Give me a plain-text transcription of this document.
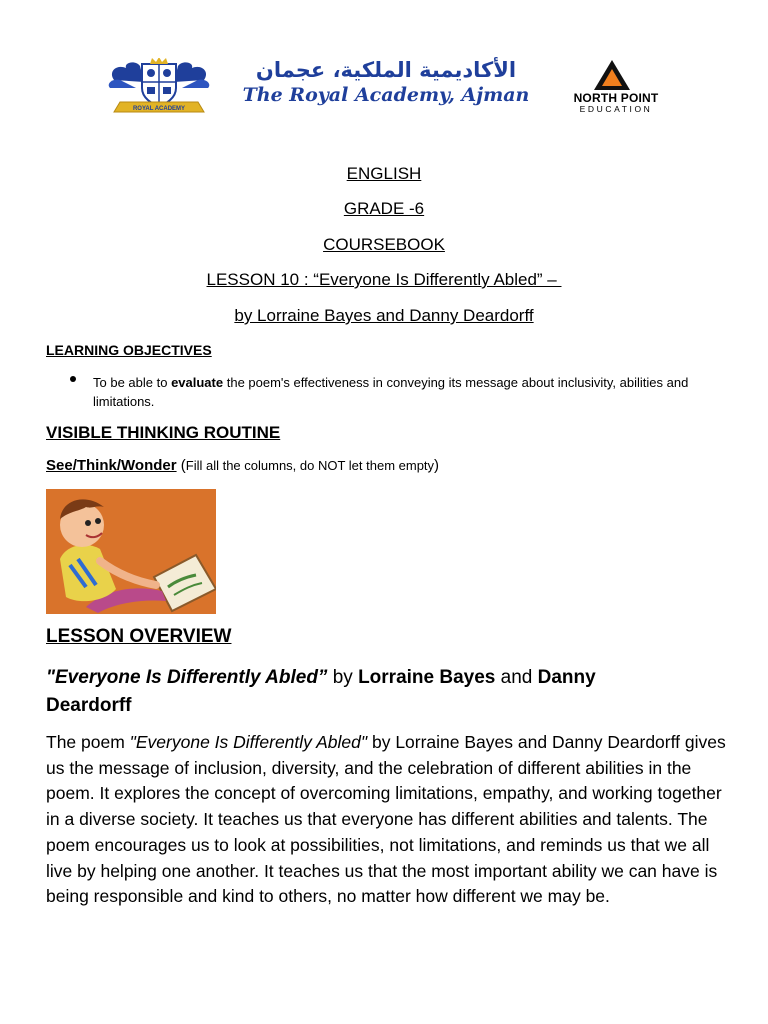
ROYAL ACADEMY
الأكاديمية الملكية، عجمان
The Royal Academy, Ajman	NORTH POINT
EDUCATION
ENGLISH
GRADE -6
COURSEBOOK
LESSON 10 : “Everyone Is Differently Abled” –
by Lorraine Bayes and Danny Deardorff
LEARNING OBJECTIVES
To be able to evaluate the poem's effectiveness in conveying its message about inclusivity, abilities and limitations.
VISIBLE THINKING ROUTINE
See/Think/Wonder (Fill all the columns, do NOT let them empty)
LESSON OVERVIEW
"Everyone Is Differently Abled” by Lorraine Bayes and Danny Deardorff
The poem "Everyone Is Differently Abled" by Lorraine Bayes and Danny Deardorff gives us the message of inclusion, diversity, and the celebration of different abilities in the poem. It explores the concept of overcoming limitations, empathy, and working together in a diverse society. It teaches us that everyone has different abilities and talents. The poem encourages us to look at possibilities, not limitations, and reminds us that we all live by helping one another. It teaches us that the most important ability we can have is being responsible and kind to others, no matter how different we may be.
